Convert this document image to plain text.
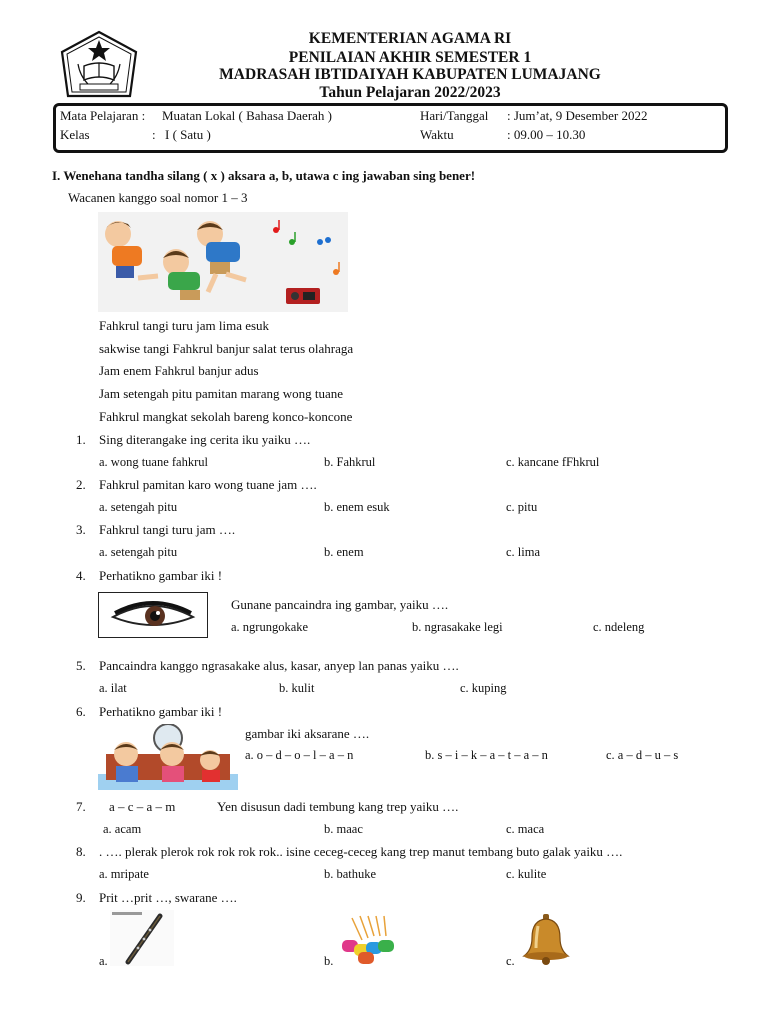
KEMENTERIAN AGAMA RI
PENILAIAN AKHIR SEMESTER 1
MADRASAH IBTIDAIYAH KABUPATEN LUMAJANG
Tahun Pelajaran 2022/2023
Mata Pelajaran : Muatan Lokal ( Bahasa Daerah )
Kelas	: I ( Satu )
Hari/Tanggal : Jum’at, 9 Desember 2022
Waktu	: 09.00 – 10.30
I. Wenehana tandha silang ( x ) aksara a, b, utawa c ing jawaban sing bener!
Wacanen kanggo soal nomor 1 – 3
Fahkrul tangi turu jam lima esuk
sakwise tangi Fahkrul banjur salat terus olahraga
Jam enem Fahkrul banjur adus
Jam setengah pitu pamitan marang wong tuane
Fahkrul mangkat sekolah bareng konco-koncone
1. Sing diterangake ing cerita iku yaiku ….
a. wong tuane fahkrul	b. Fahkrul	c. kancane fFhkrul
2. Fahkrul pamitan karo wong tuane jam ….
a. setengah pitu	b. enem esuk	c. pitu
3. Fahkrul tangi turu jam ….
a. setengah pitu	b. enem	c. lima
4. Perhatikno gambar iki !
Gunane pancaindra ing gambar, yaiku ….
a. ngrungokake	b. ngrasakake legi	c. ndeleng
5. Pancaindra kanggo ngrasakake alus, kasar, anyep lan panas yaiku ….
a. ilat	b. kulit	c. kuping
6. Perhatikno gambar iki !
gambar iki aksarane ….
a. o – d – o – l – a – n	b. s – i – k – a – t – a – n	c. a – d – u – s
7. a – c – a – m	Yen disusun dadi tembung kang trep yaiku ….
a. acam	b. maac	c. maca
8. . …. plerak plerok rok rok rok rok.. isine ceceg-ceceg kang trep manut tembang buto galak yaiku ….
a. mripate	b. bathuke	c. kulite
9. Prit …prit …, swarane ….
a.	b.	c.
